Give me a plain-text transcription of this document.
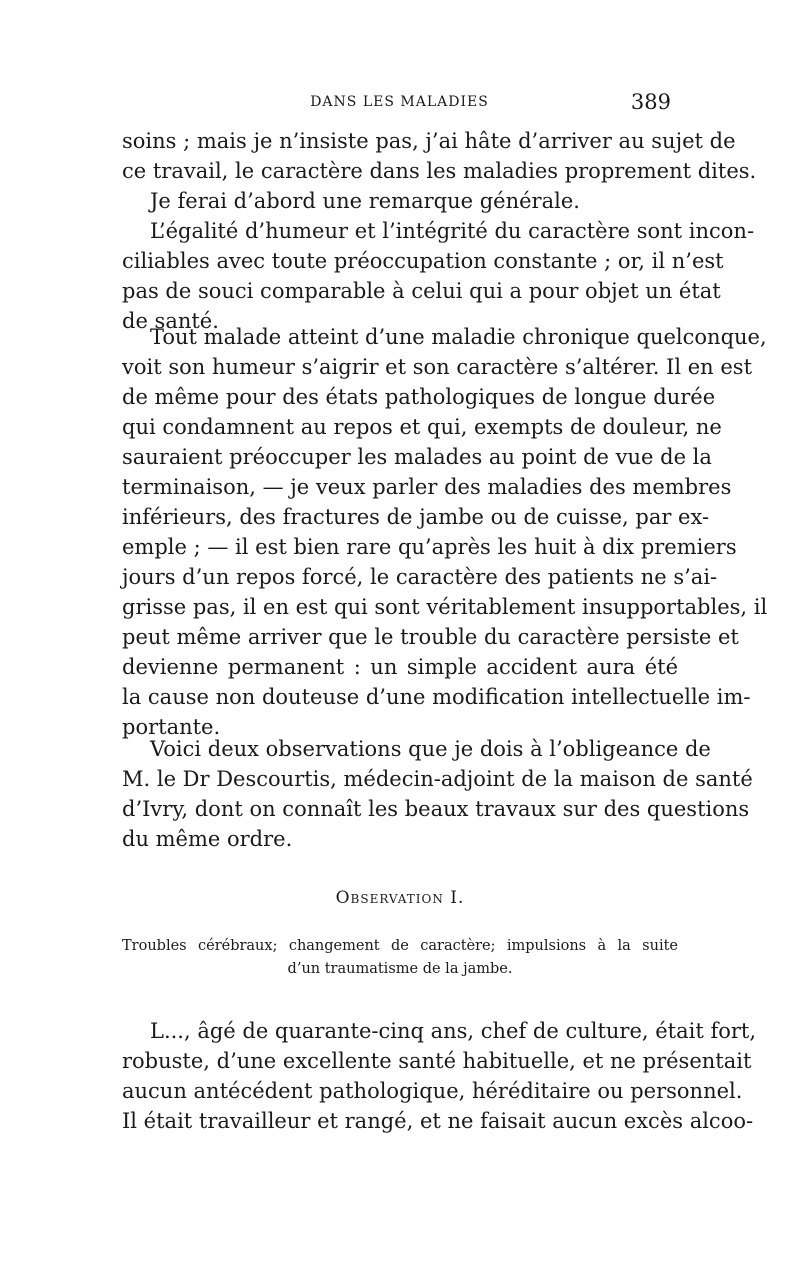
DANS LES MALADIES	389
soins ; mais je n’insiste pas, j’ai hâte d’arriver au sujet de
ce travail, le caractère dans les maladies proprement dites.
Je ferai d’abord une remarque générale.
L’égalité d’humeur et l’intégrité du caractère sont incon-
ciliables avec toute préoccupation constante ; or, il n’est
pas de souci comparable à celui qui a pour objet un état
de santé.
Tout malade atteint d’une maladie chronique quelconque,
voit son humeur s’aigrir et son caractère s’altérer. Il en est
de même pour des états pathologiques de longue durée
qui condamnent au repos et qui, exempts de douleur, ne
sauraient préoccuper les malades au point de vue de la
terminaison, — je veux parler des maladies des membres
inférieurs, des fractures de jambe ou de cuisse, par ex-
emple ; — il est bien rare qu’après les huit à dix premiers
jours d’un repos forcé, le caractère des patients ne s’ai-
grisse pas, il en est qui sont véritablement insupportables, il
peut même arriver que le trouble du caractère persiste et
devienne permanent : un simple accident aura été
la cause non douteuse d’une modification intellectuelle im-
portante.
Voici deux observations que je dois à l’obligeance de
M. le Dr Descourtis, médecin-adjoint de la maison de santé
d’Ivry, dont on connaît les beaux travaux sur des questions
du même ordre.
Observation I.
Troubles cérébraux; changement de caractère; impulsions à la suite
d’un traumatisme de la jambe.
L..., âgé de quarante-cinq ans, chef de culture, était fort,
robuste, d’une excellente santé habituelle, et ne présentait
aucun antécédent pathologique, héréditaire ou personnel.
Il était travailleur et rangé, et ne faisait aucun excès alcoo-
